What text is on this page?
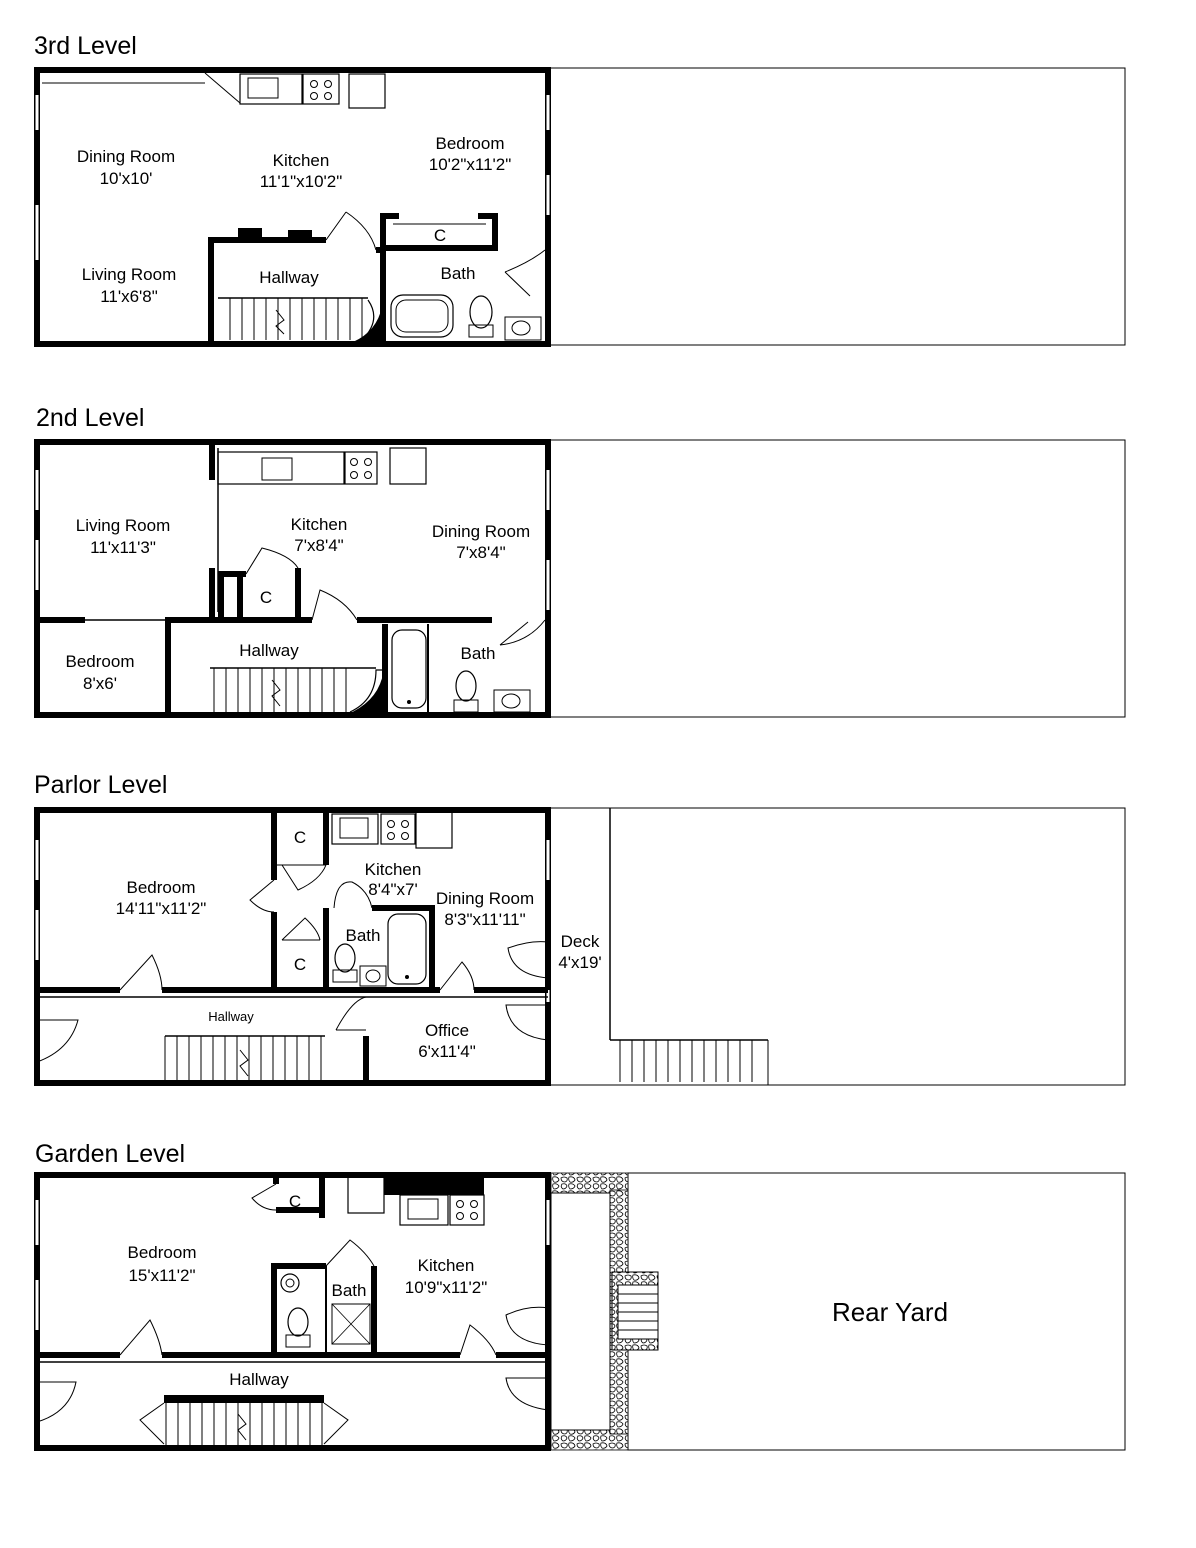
3rd Level
2nd Level
Parlor Level
Garden Level
Dining Room
10'x10'
Kitchen
11'1"x10'2"
Bedroom
10'2"x11'2"
Living Room
11'x6'8"
Hallway
C
Bath
Living Room
11'x11'3"
Kitchen
7'x8'4"
Dining Room
7'x8'4"
C
Bedroom
8'x6'
Hallway	Bath
C
C
Kitchen
8'4"x7'
Bedroom
14'11"x11'2"
Dining Room
8'3"x11'11"
Bath	Deck
4'x19'
Hallway
Office
6'x11'4"
C
Bedroom
15'x11'2"
Kitchen
10'9"x11'2"
Bath
Hallway
Rear Yard
